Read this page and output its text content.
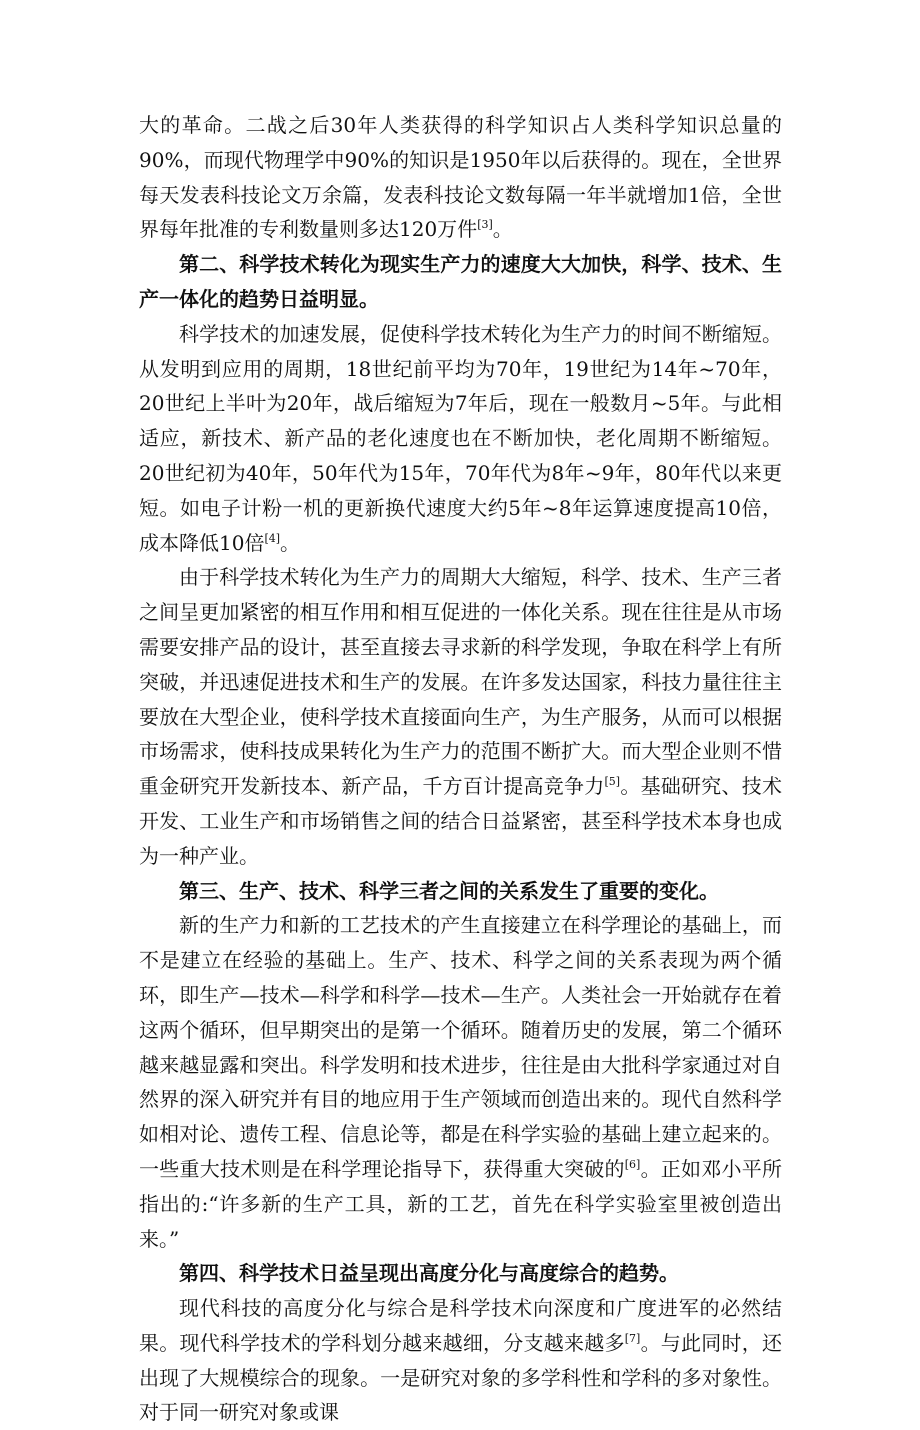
大的革命。二战之后30年人类获得的科学知识占人类科学知识总量的90%，而现代物理学中90%的知识是1950年以后获得的。现在，全世界每天发表科技论文万余篇，发表科技论文数每隔一年半就增加1倍，全世界每年批准的专利数量则多达120万件[3]。

第二、科学技术转化为现实生产力的速度大大加快，科学、技术、生产一体化的趋势日益明显。

科学技术的加速发展，促使科学技术转化为生产力的时间不断缩短。从发明到应用的周期，18世纪前平均为70年，19世纪为14年~70年，20世纪上半叶为20年，战后缩短为7年后，现在一般数月~5年。与此相适应，新技术、新产品的老化速度也在不断加快，老化周期不断缩短。20世纪初为40年，50年代为15年，70年代为8年~9年，80年代以来更短。如电子计粉一机的更新换代速度大约5年~8年运算速度提高10倍，成本降低10倍[4]。

由于科学技术转化为生产力的周期大大缩短，科学、技术、生产三者之间呈更加紧密的相互作用和相互促进的一体化关系。现在往往是从市场需要安排产品的设计，甚至直接去寻求新的科学发现，争取在科学上有所突破，并迅速促进技术和生产的发展。在许多发达国家，科技力量往往主要放在大型企业，使科学技术直接面向生产，为生产服务，从而可以根据市场需求，使科技成果转化为生产力的范围不断扩大。而大型企业则不惜重金研究开发新技本、新产品，千方百计提高竞争力[5]。基础研究、技术开发、工业生产和市场销售之间的结合日益紧密，甚至科学技术本身也成为一种产业。

第三、生产、技术、科学三者之间的关系发生了重要的变化。

新的生产力和新的工艺技术的产生直接建立在科学理论的基础上，而不是建立在经验的基础上。生产、技术、科学之间的关系表现为两个循环，即生产—技术—科学和科学—技术—生产。人类社会一开始就存在着这两个循环，但早期突出的是第一个循环。随着历史的发展，第二个循环越来越显露和突出。科学发明和技术进步，往往是由大批科学家通过对自然界的深入研究并有目的地应用于生产领域而创造出来的。现代自然科学如相对论、遗传工程、信息论等，都是在科学实验的基础上建立起来的。一些重大技术则是在科学理论指导下，获得重大突破的[6]。正如邓小平所指出的:“许多新的生产工具，新的工艺，首先在科学实验室里被创造出来。”

第四、科学技术日益呈现出高度分化与高度综合的趋势。

现代科技的高度分化与综合是科学技术向深度和广度进军的必然结果。现代科学技术的学科划分越来越细，分支越来越多[7]。与此同时，还出现了大规模综合的现象。一是研究对象的多学科性和学科的多对象性。对于同一研究对象或课
